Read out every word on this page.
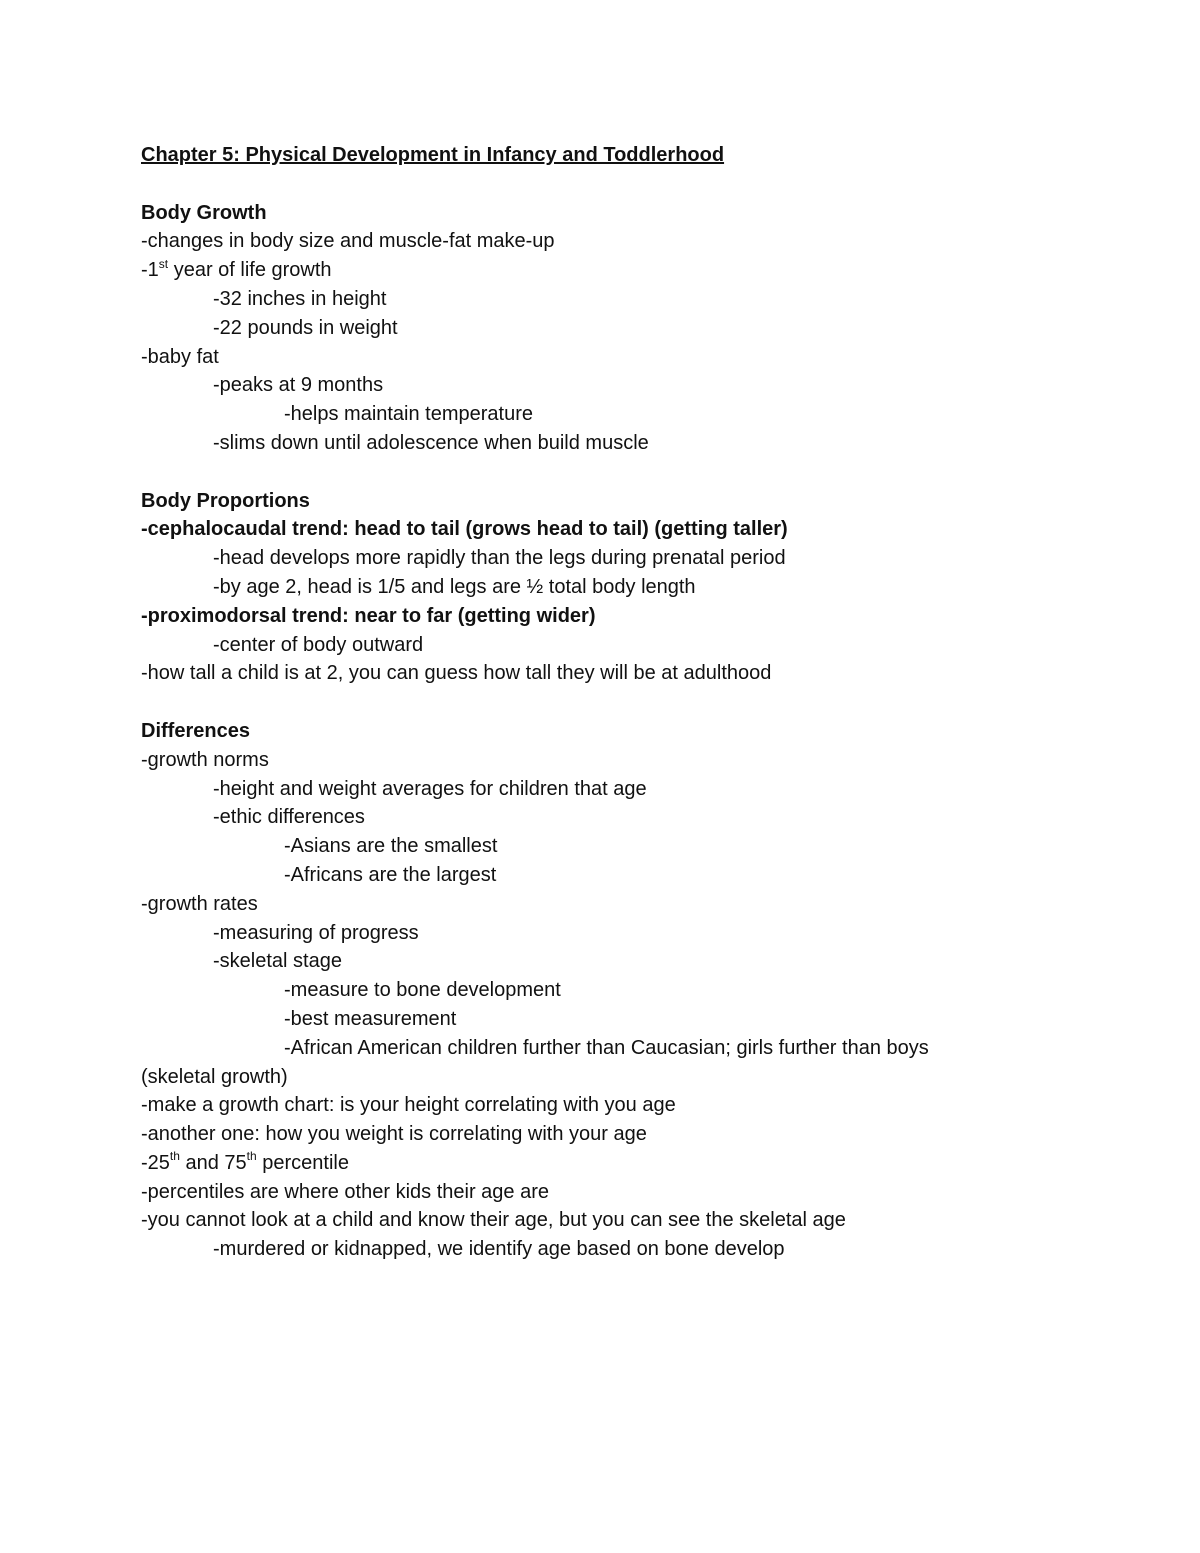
Chapter 5: Physical Development in Infancy and Toddlerhood
Body Growth
-changes in body size and muscle-fat make-up
-1st year of life growth
-32 inches in height
-22 pounds in weight
-baby fat
-peaks at 9 months
-helps maintain temperature
-slims down until adolescence when build muscle
Body Proportions
-cephalocaudal trend: head to tail (grows head to tail) (getting taller)
-head develops more rapidly than the legs during prenatal period
-by age 2, head is 1/5 and legs are ½ total body length
-proximodorsal trend: near to far (getting wider)
-center of body outward
-how tall a child is at 2, you can guess how tall they will be at adulthood
Differences
-growth norms
-height and weight averages for children that age
-ethic differences
-Asians are the smallest
-Africans are the largest
-growth rates
-measuring of progress
-skeletal stage
-measure to bone development
-best measurement
-African American children further than Caucasian; girls further than boys
(skeletal growth)
-make a growth chart: is your height correlating with you age
-another one: how you weight is correlating with your age
-25th and 75th percentile
-percentiles are where other kids their age are
-you cannot look at a child and know their age, but you can see the skeletal age
-murdered or kidnapped, we identify age based on bone develop
